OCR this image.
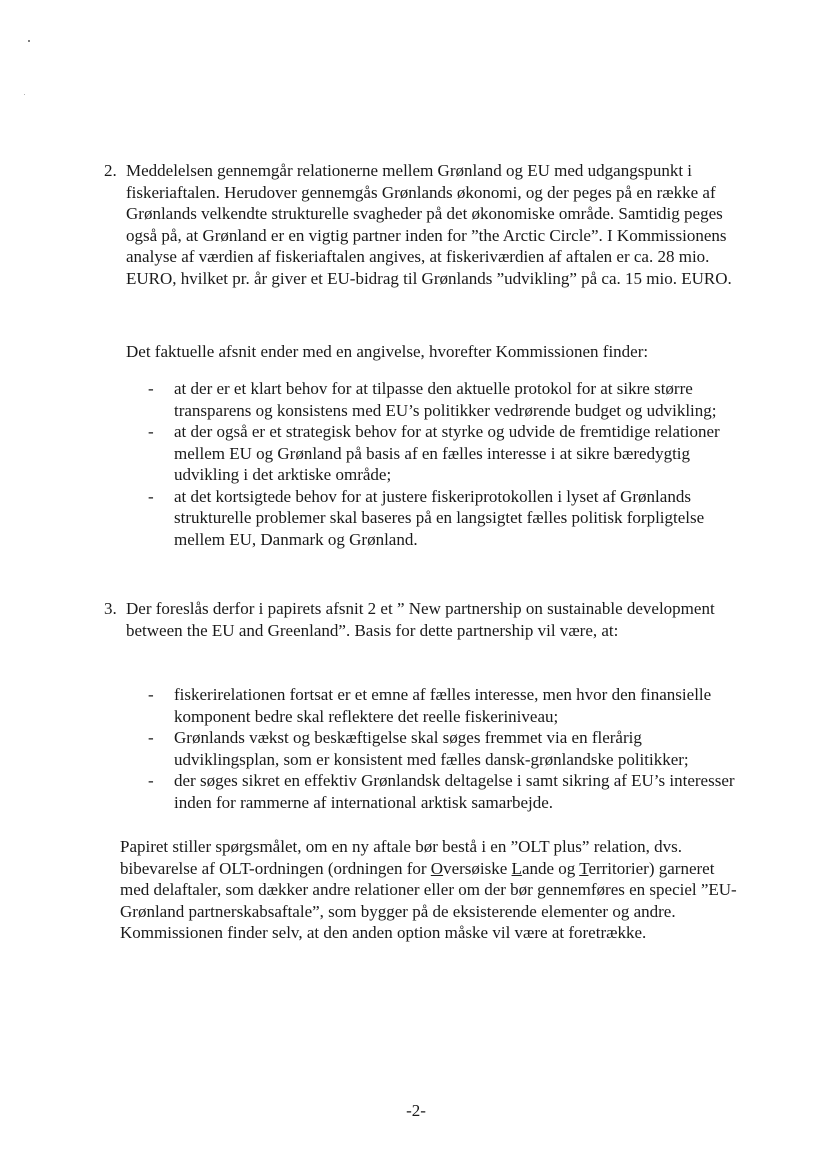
2. Meddelelsen gennemgår relationerne mellem Grønland og EU med udgangspunkt i fiskeriaftalen. Herudover gennemgås Grønlands økonomi, og der peges på en række af Grønlands velkendte strukturelle svagheder på det økonomiske område. Samtidig peges også på, at Grønland er en vigtig partner inden for ”the Arctic Circle”. I Kommissionens analyse af værdien af fiskeriaftalen angives, at fiskeriværdien af aftalen er ca. 28 mio. EURO, hvilket pr. år giver et EU-bidrag til Grønlands ”udvikling” på ca. 15 mio. EURO.
Det faktuelle afsnit ender med en angivelse, hvorefter Kommissionen finder:
- at der er et klart behov for at tilpasse den aktuelle protokol for at sikre større transparens og konsistens med EU’s politikker vedrørende budget og udvikling;
- at der også er et strategisk behov for at styrke og udvide de fremtidige relationer mellem EU og Grønland på basis af en fælles interesse i at sikre bæredygtig udvikling i det arktiske område;
- at det kortsigtede behov for at justere fiskeriprotokollen i lyset af Grønlands strukturelle problemer skal baseres på en langsigtet fælles politisk forpligtelse mellem EU, Danmark og Grønland.
3. Der foreslås derfor i papirets afsnit 2 et ” New partnership on sustainable development between the EU and Greenland”. Basis for dette partnership vil være, at:
- fiskerirelationen fortsat er et emne af fælles interesse, men hvor den finansielle komponent bedre skal reflektere det reelle fiskeriniveau;
- Grønlands vækst og beskæftigelse skal søges fremmet via en flerårig udviklingsplan, som er konsistent med fælles dansk-grønlandske politikker;
- der søges sikret en effektiv Grønlandsk deltagelse i samt sikring af EU’s interesser inden for rammerne af international arktisk samarbejde.
Papiret stiller spørgsmålet, om en ny aftale bør bestå i en ”OLT plus” relation, dvs. bibevarelse af OLT-ordningen (ordningen for Oversøiske Lande og Territorier) garneret med delaftaler, som dækker andre relationer eller om der bør gennemføres en speciel ”EU-Grønland partnerskabsaftale”, som bygger på de eksisterende elementer og andre. Kommissionen finder selv, at den anden option måske vil være at foretrække.
-2-
